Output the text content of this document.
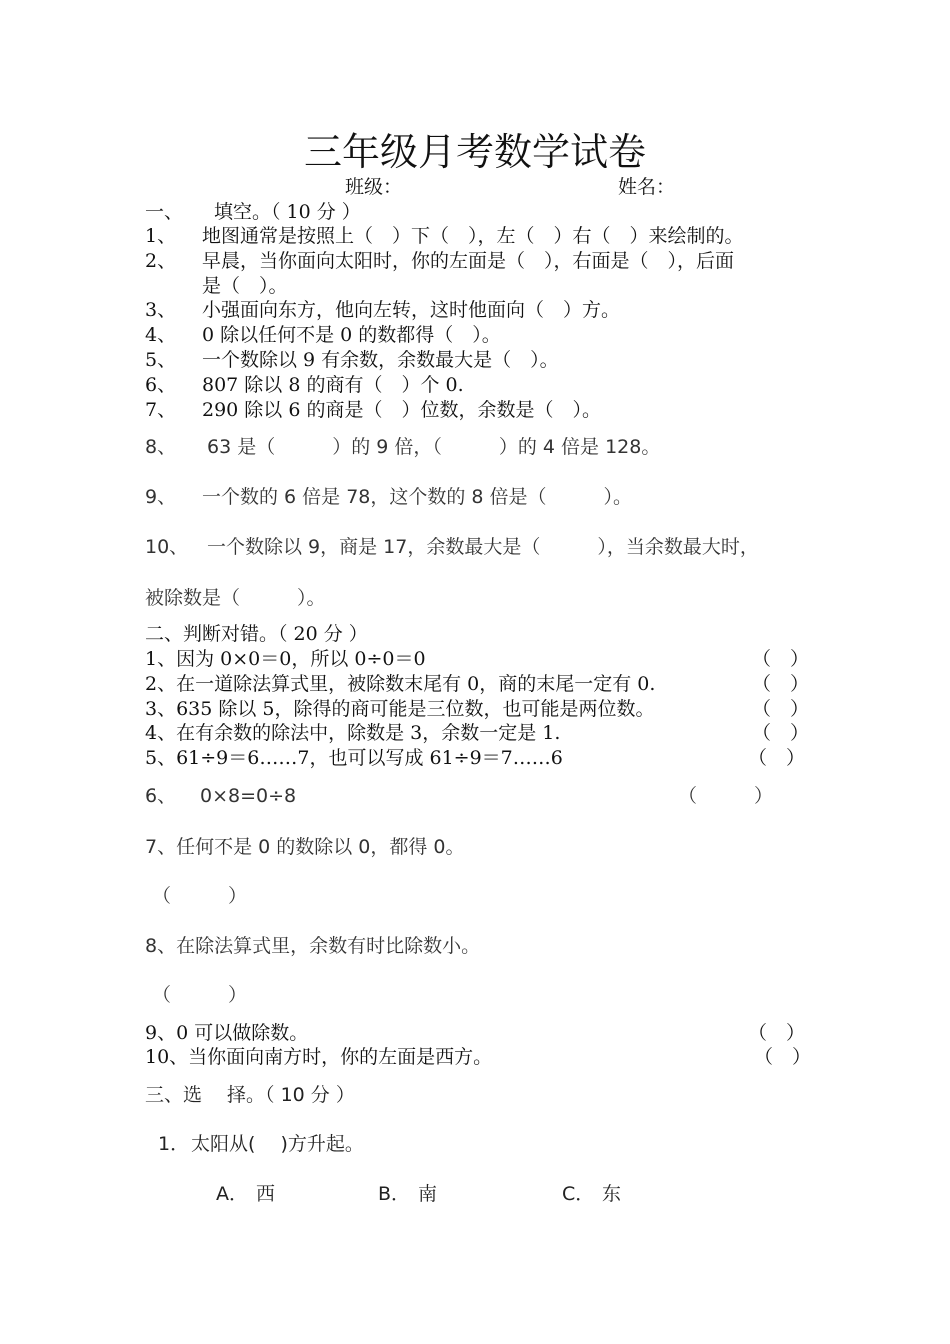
三年级月考数学试卷
班级：	姓名：
一、 填空。（ 10 分 ）
1、 地图通常是按照上（　）下（　），左（　）右（　）来绘制的。
2、 早晨，当你面向太阳时，你的左面是（　），右面是（　），后面
是（　）。
3、 小强面向东方，他向左转，这时他面向（　）方。
4、 0 除以任何不是 0 的数都得（　）。
5、 一个数除以 9 有余数，余数最大是（　）。
6、 807 除以 8 的商有（　）个 0.
7、 290 除以 6 的商是（　）位数，余数是（　）。
8、 63 是（　　　）的 9 倍，（　　　）的 4 倍是 128。
9、 一个数的 6 倍是 78，这个数的 8 倍是（　　　）。
10、 一个数除以 9，商是 17，余数最大是（　　　），当余数最大时，
被除数是（　　　）。
二、判断对错。（ 20 分 ）
1、因为 0×0＝0，所以 0÷0＝0	（　）
2、在一道除法算式里，被除数末尾有 0，商的末尾一定有 0.	（　）
3、635 除以 5，除得的商可能是三位数，也可能是两位数。	（　）
4、在有余数的除法中，除数是 3，余数一定是 1.	（　）
5、61÷9＝6……7，也可以写成 61÷9＝7……6	（　）
6、 0×8=0÷8	（　　　）
7、任何不是 0 的数除以 0，都得 0。
（　　　）
8、在除法算式里，余数有时比除数小。
（　　　）
9、0 可以做除数。	（　）
10、当你面向南方时，你的左面是西方。	（　）
三、选　 择。（ 10 分 ）
1． 太阳从(　 )方升起。
A． 西	B． 南	C． 东
